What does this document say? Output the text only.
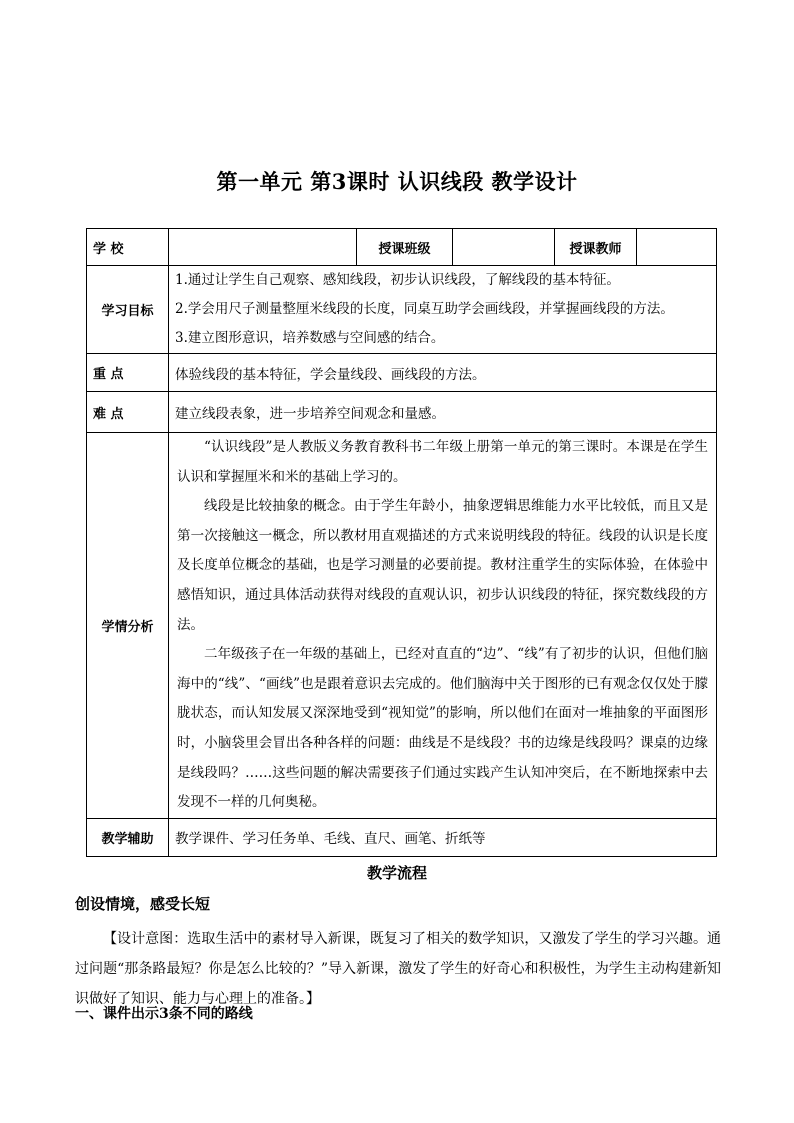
第一单元 第3课时 认识线段 教学设计
学 校		授课班级		授课教师	
学习目标	1.通过让学生自己观察、感知线段，初步认识线段，了解线段的基本特征。

2.学会用尺子测量整厘米线段的长度，同桌互助学会画线段，并掌握画线段的方法。

3.建立图形意识，培养数感与空间感的结合。				

重 点	体验线段的基本特征，学会量线段、画线段的方法。				
难 点	建立线段表象，进一步培养空间观念和量感。				
学情分析	“认识线段”是人教版义务教育教科书二年级上册第一单元的第三课时。本课是在学生认识和掌握厘米和米的基础上学习的。

线段是比较抽象的概念。由于学生年龄小，抽象逻辑思维能力水平比较低，而且又是第一次接触这一概念，所以教材用直观描述的方式来说明线段的特征。线段的认识是长度及长度单位概念的基础，也是学习测量的必要前提。教材注重学生的实际体验，在体验中感悟知识，通过具体活动获得对线段的直观认识，初步认识线段的特征，探究数线段的方法。

二年级孩子在一年级的基础上，已经对直直的“边”、“线”有了初步的认识，但他们脑海中的“线”、“画线”也是跟着意识去完成的。他们脑海中关于图形的已有观念仅仅处于朦胧状态，而认知发展又深深地受到“视知觉”的影响，所以他们在面对一堆抽象的平面图形时，小脑袋里会冒出各种各样的问题：曲线是不是线段？书的边缘是线段吗？课桌的边缘是线段吗？……这些问题的解决需要孩子们通过实践产生认知冲突后，在不断地探索中去发现不一样的几何奥秘。				

教学辅助	教学课件、学习任务单、毛线、直尺、画笔、折纸等				
教学流程
创设情境，感受长短

【设计意图：选取生活中的素材导入新课，既复习了相关的数学知识，又激发了学生的学习兴趣。通过问题“那条路最短？你是怎么比较的？”导入新课，激发了学生的好奇心和积极性，为学生主动构建新知识做好了知识、能力与心理上的准备。】

一、课件出示3条不同的路线
